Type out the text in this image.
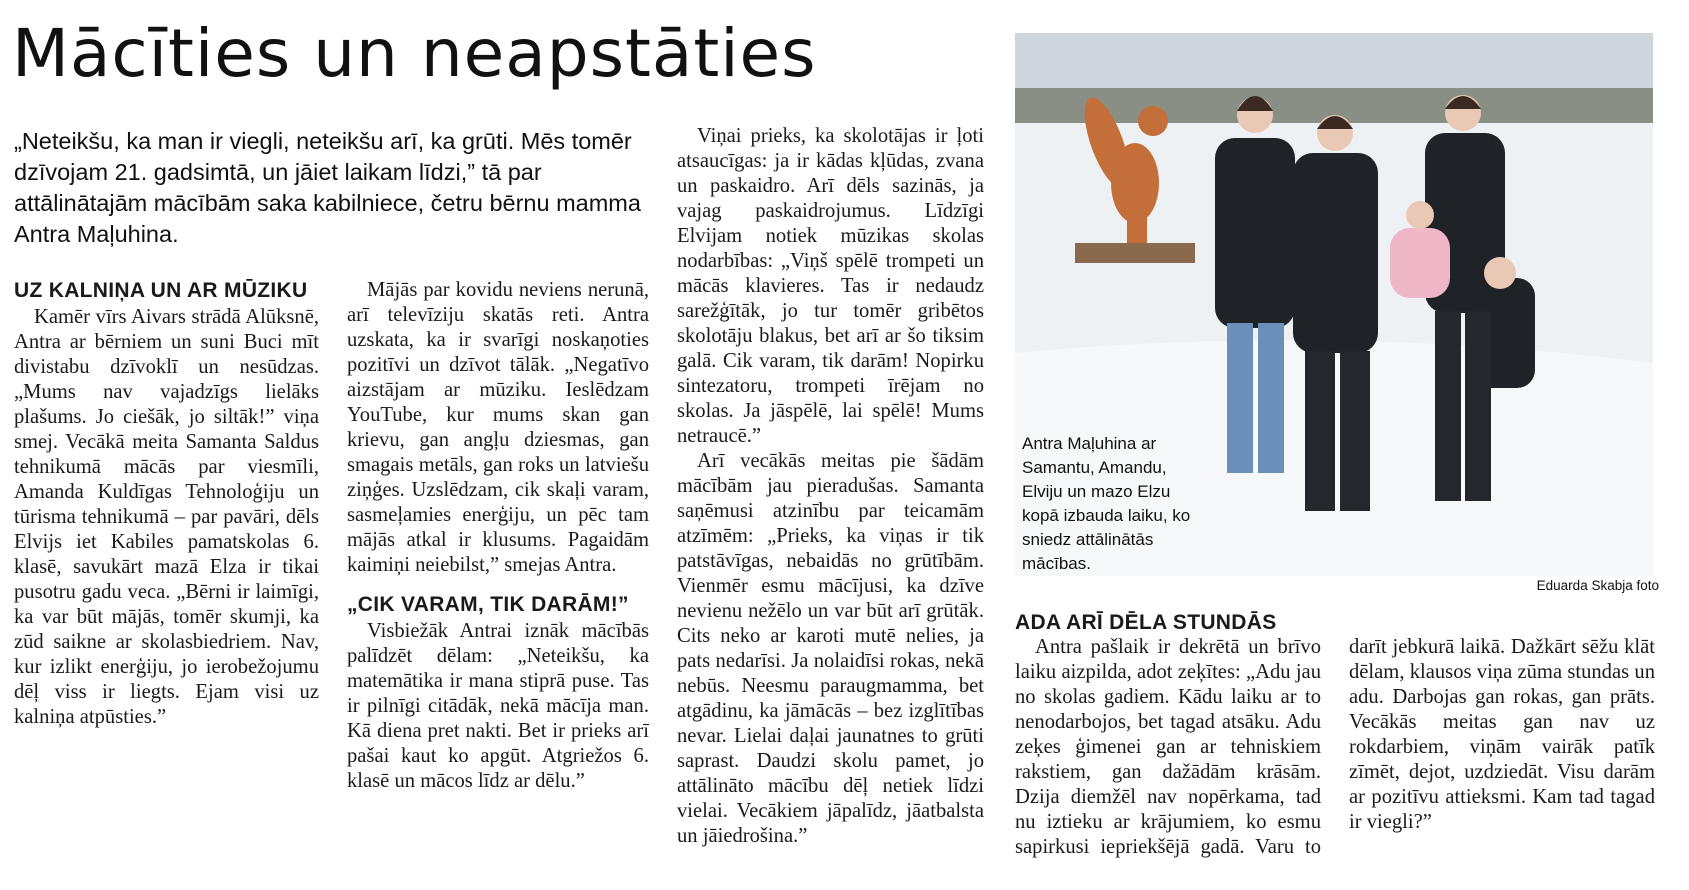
Mācīties un neapstāties

„Neteikšu, ka man ir viegli, neteikšu arī, ka grūti. Mēs tomēr dzīvojam 21. gadsimtā, un jāiet laikam līdzi,” tā par attālinātajām mācībām saka kabilniece, četru bērnu mamma Antra Maļuhina.

UZ KALNIŅA UN AR MŪZIKU

Kamēr vīrs Aivars strādā Alūksnē, Antra ar bērniem un suni Buci mīt divistabu dzīvoklī un nesūdzas. „Mums nav vajadzīgs lielāks plašums. Jo ciešāk, jo siltāk!” viņa smej. Vecākā meita Samanta Saldus tehnikumā mācās par viesmīli, Amanda Kuldīgas Tehnoloģiju un tūrisma tehnikumā – par pavāri, dēls Elvijs iet Kabiles pamatskolas 6. klasē, savukārt mazā Elza ir tikai pusotru gadu veca. „Bērni ir laimīgi, ka var būt mājās, tomēr skumji, ka zūd saikne ar skolasbiedriem. Nav, kur izlikt enerģiju, jo ierobežojumu dēļ viss ir liegts. Ejam visi uz kalniņa atpūsties.”

Mājās par kovidu neviens nerunā, arī televīziju skatās reti. Antra uzskata, ka ir svarīgi noskaņoties pozitīvi un dzīvot tālāk. „Negatīvo aizstājam ar mūziku. Ieslēdzam YouTube, kur mums skan gan krievu, gan angļu dziesmas, gan smagais metāls, gan roks un latviešu ziņģes. Uzslēdzam, cik skaļi varam, sasmeļamies enerģiju, un pēc tam mājās atkal ir klusums. Pagaidām kaimiņi neiebilst,” smejas Antra.

„CIK VARAM, TIK DARĀM!”

Visbiežāk Antrai iznāk mācībās palīdzēt dēlam: „Neteikšu, ka matemātika ir mana stiprā puse. Tas ir pilnīgi citādāk, nekā mācīja man. Kā diena pret nakti. Bet ir prieks arī pašai kaut ko apgūt. Atgriežos 6. klasē un mācos līdz ar dēlu.”

Viņai prieks, ka skolotājas ir ļoti atsaucīgas: ja ir kādas kļūdas, zvana un paskaidro. Arī dēls sazinās, ja vajag paskaidrojumus. Līdzīgi Elvijam notiek mūzikas skolas nodarbības: „Viņš spēlē trompeti un mācās klavieres. Tas ir nedaudz sarežģītāk, jo tur tomēr gribētos skolotāju blakus, bet arī ar šo tiksim galā. Cik varam, tik darām! Nopirku sintezatoru, trompeti īrējam no skolas. Ja jāspēlē, lai spēlē! Mums netraucē.”

Arī vecākās meitas pie šādām mācībām jau pieradušas. Samanta saņēmusi atzinību par teicamām atzīmēm: „Prieks, ka viņas ir tik patstāvīgas, nebaidās no grūtībām. Vienmēr esmu mācījusi, ka dzīve nevienu nežēlo un var būt arī grūtāk. Cits neko ar karoti mutē nelies, ja pats nedarīsi. Ja nolaidīsi rokas, nekā nebūs. Neesmu paraugmamma, bet atgādinu, ka jāmācās – bez izglītības nevar. Lielai daļai jaunatnes to grūti saprast. Daudzi skolu pamet, jo attālināto mācību dēļ netiek līdzi vielai. Vecākiem jāpalīdz, jāatbalsta un jāiedrošina.”

Antra Maļuhina ar Samantu, Amandu, Elviju un mazo Elzu kopā izbauda laiku, ko sniedz attālinātās mācības.

Eduarda Skabja foto

ADA ARĪ DĒLA STUNDĀS

Antra pašlaik ir dekrētā un brīvo laiku aizpilda, adot zeķītes: „Adu jau no skolas gadiem. Kādu laiku ar to nenodarbojos, bet tagad atsāku. Adu zeķes ģimenei gan ar tehniskiem rakstiem, gan dažādām krāsām. Dzija diemžēl nav nopērkama, tad nu iztieku ar krājumiem, ko esmu sapirkusi iepriekšējā gadā. Varu to darīt jebkurā laikā. Dažkārt sēžu klāt dēlam, klausos viņa zūma stundas un adu. Darbojas gan rokas, gan prāts. Vecākās meitas gan nav uz rokdarbiem, viņām vairāk patīk zīmēt, dejot, uzdziedāt. Visu darām ar pozitīvu attieksmi. Kam tad tagad ir viegli?”
